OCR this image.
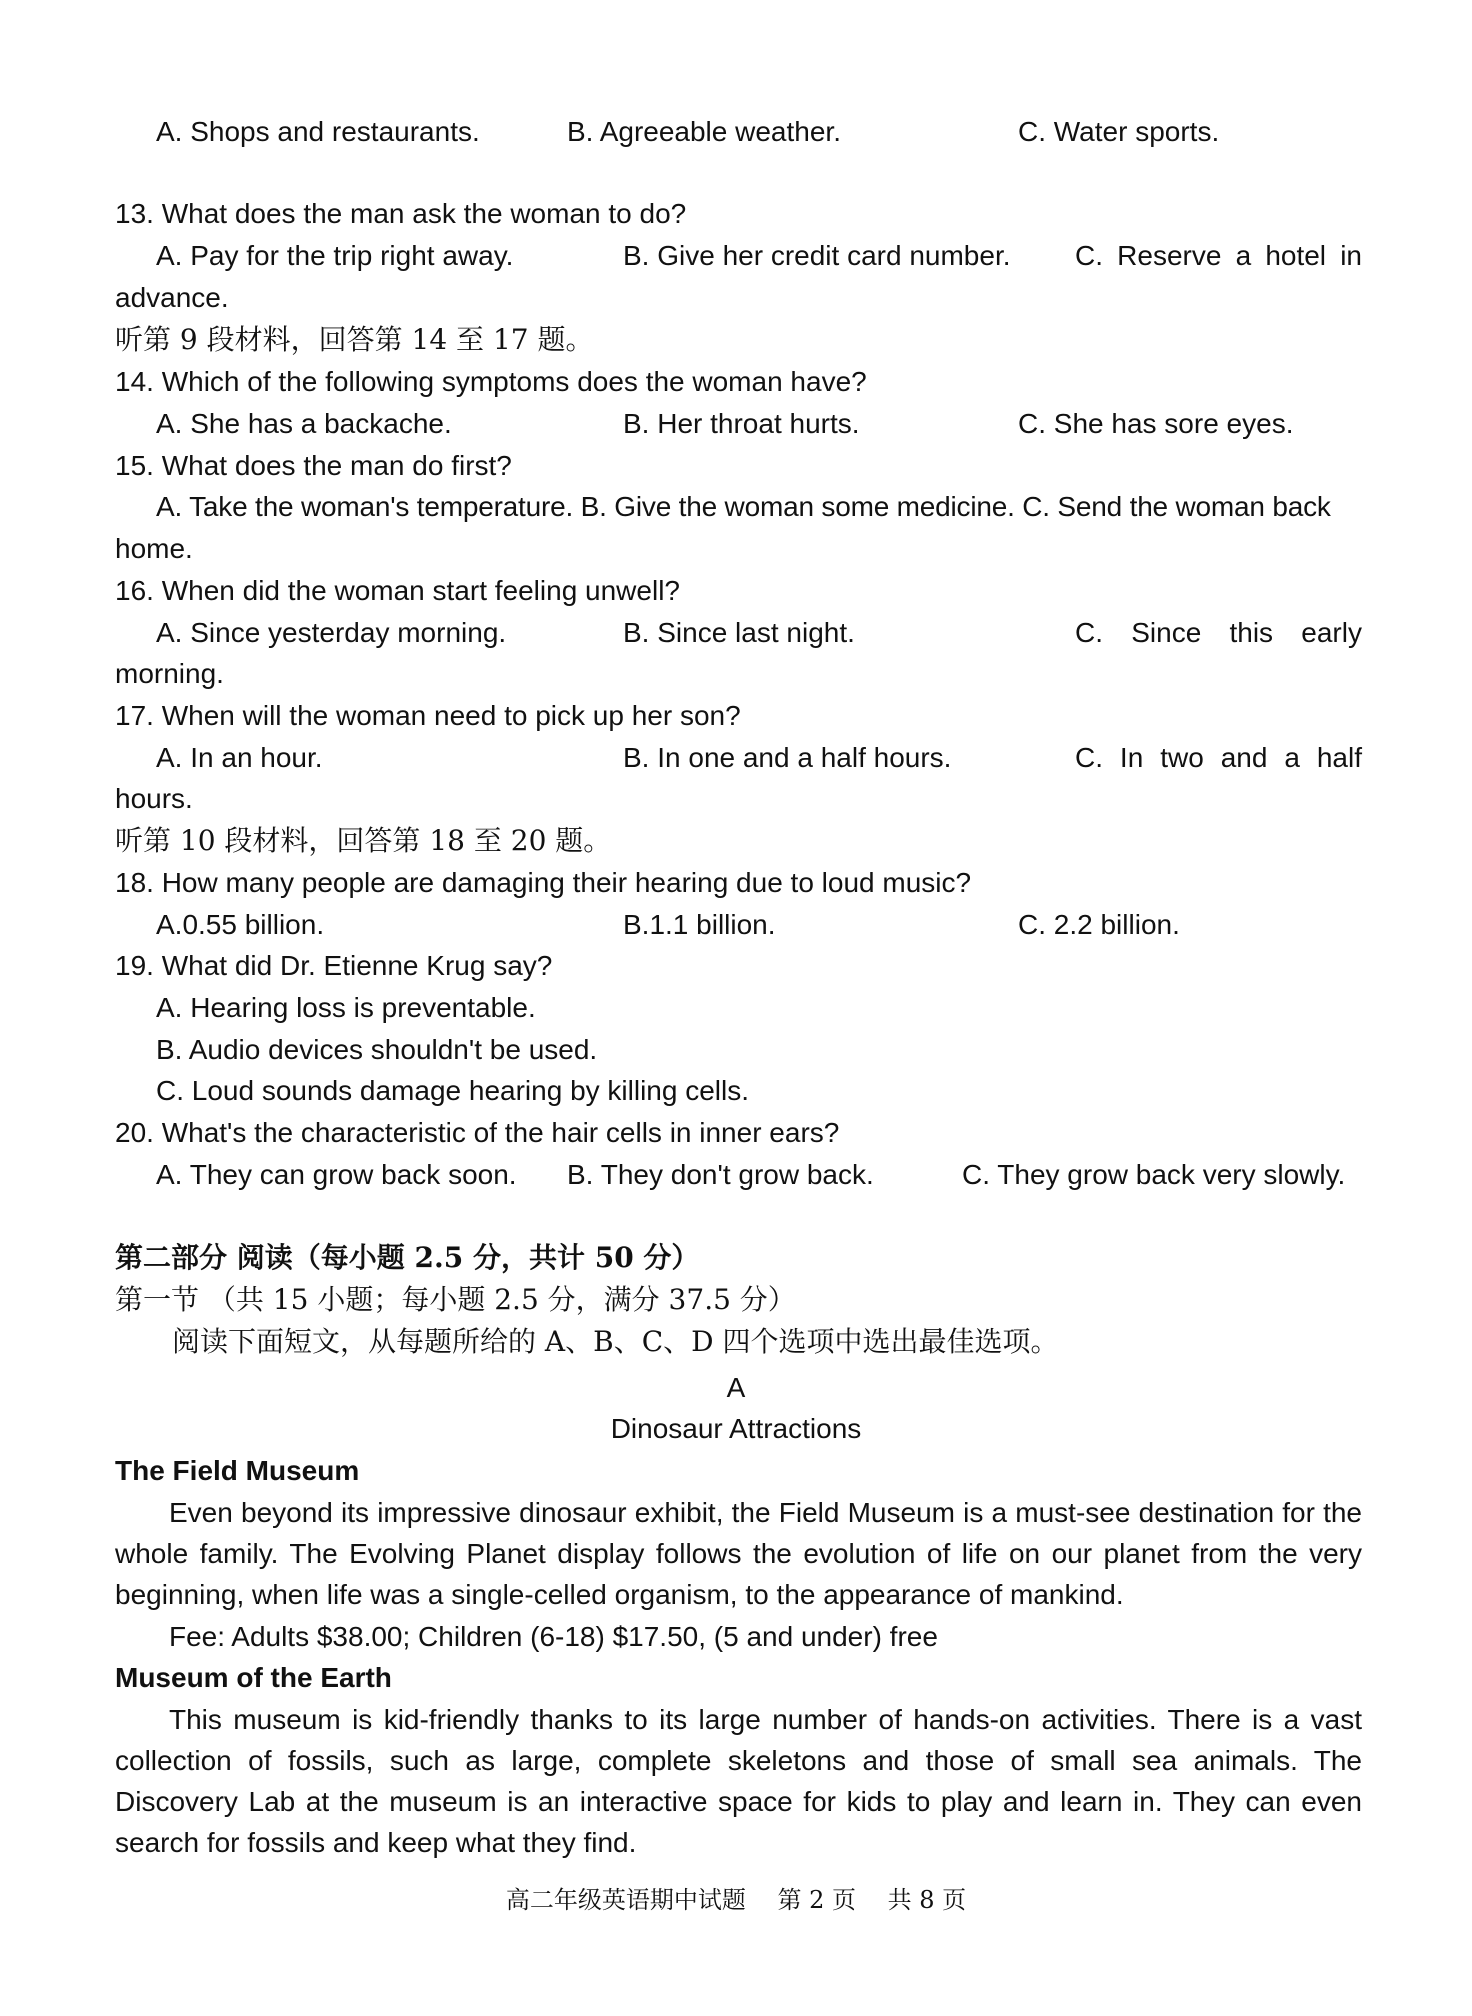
A. Shops and restaurants.	B. Agreeable weather.	C. Water sports.
13. What does the man ask the woman to do?
A. Pay for the trip right away.	B. Give her credit card number. C. Reserve a hotel in
advance.
听第 9 段材料，回答第 14 至 17 题。
14. Which of the following symptoms does the woman have?
A. She has a backache.	B. Her throat hurts.	C. She has sore eyes.
15. What does the man do first?
A. Take the woman's temperature. B. Give the woman some medicine. C. Send the woman back
home.
16. When did the woman start feeling unwell?
A. Since yesterday morning.	B. Since last night.	C. Since this early
morning.
17. When will the woman need to pick up her son?
A. In an hour.	B. In one and a half hours.	C. In two and a half
hours.
听第 10 段材料，回答第 18 至 20 题。
18. How many people are damaging their hearing due to loud music?
A.0.55 billion.	B.1.1 billion.	C. 2.2 billion.
19. What did Dr. Etienne Krug say?
A. Hearing loss is preventable.
B. Audio devices shouldn't be used.
C. Loud sounds damage hearing by killing cells.
20. What's the characteristic of the hair cells in inner ears?
A. They can grow back soon. B. They don't grow back.	C. They grow back very slowly.
第二部分 阅读（每小题 2.5 分，共计 50 分）
第一节 （共 15 小题；每小题 2.5 分，满分 37.5 分）
阅读下面短文，从每题所给的 A、B、C、D 四个选项中选出最佳选项。
A
Dinosaur Attractions
The Field Museum
Even beyond its impressive dinosaur exhibit, the Field Museum is a must-see destination for the whole family. The Evolving Planet display follows the evolution of life on our planet from the very beginning, when life was a single-celled organism, to the appearance of mankind.
Fee: Adults $38.00; Children (6-18) $17.50, (5 and under) free
Museum of the Earth
This museum is kid-friendly thanks to its large number of hands-on activities. There is a vast collection of fossils, such as large, complete skeletons and those of small sea animals. The Discovery Lab at the museum is an interactive space for kids to play and learn in. They can even search for fossils and keep what they find.
高二年级英语期中试题 第 2 页 共 8 页
